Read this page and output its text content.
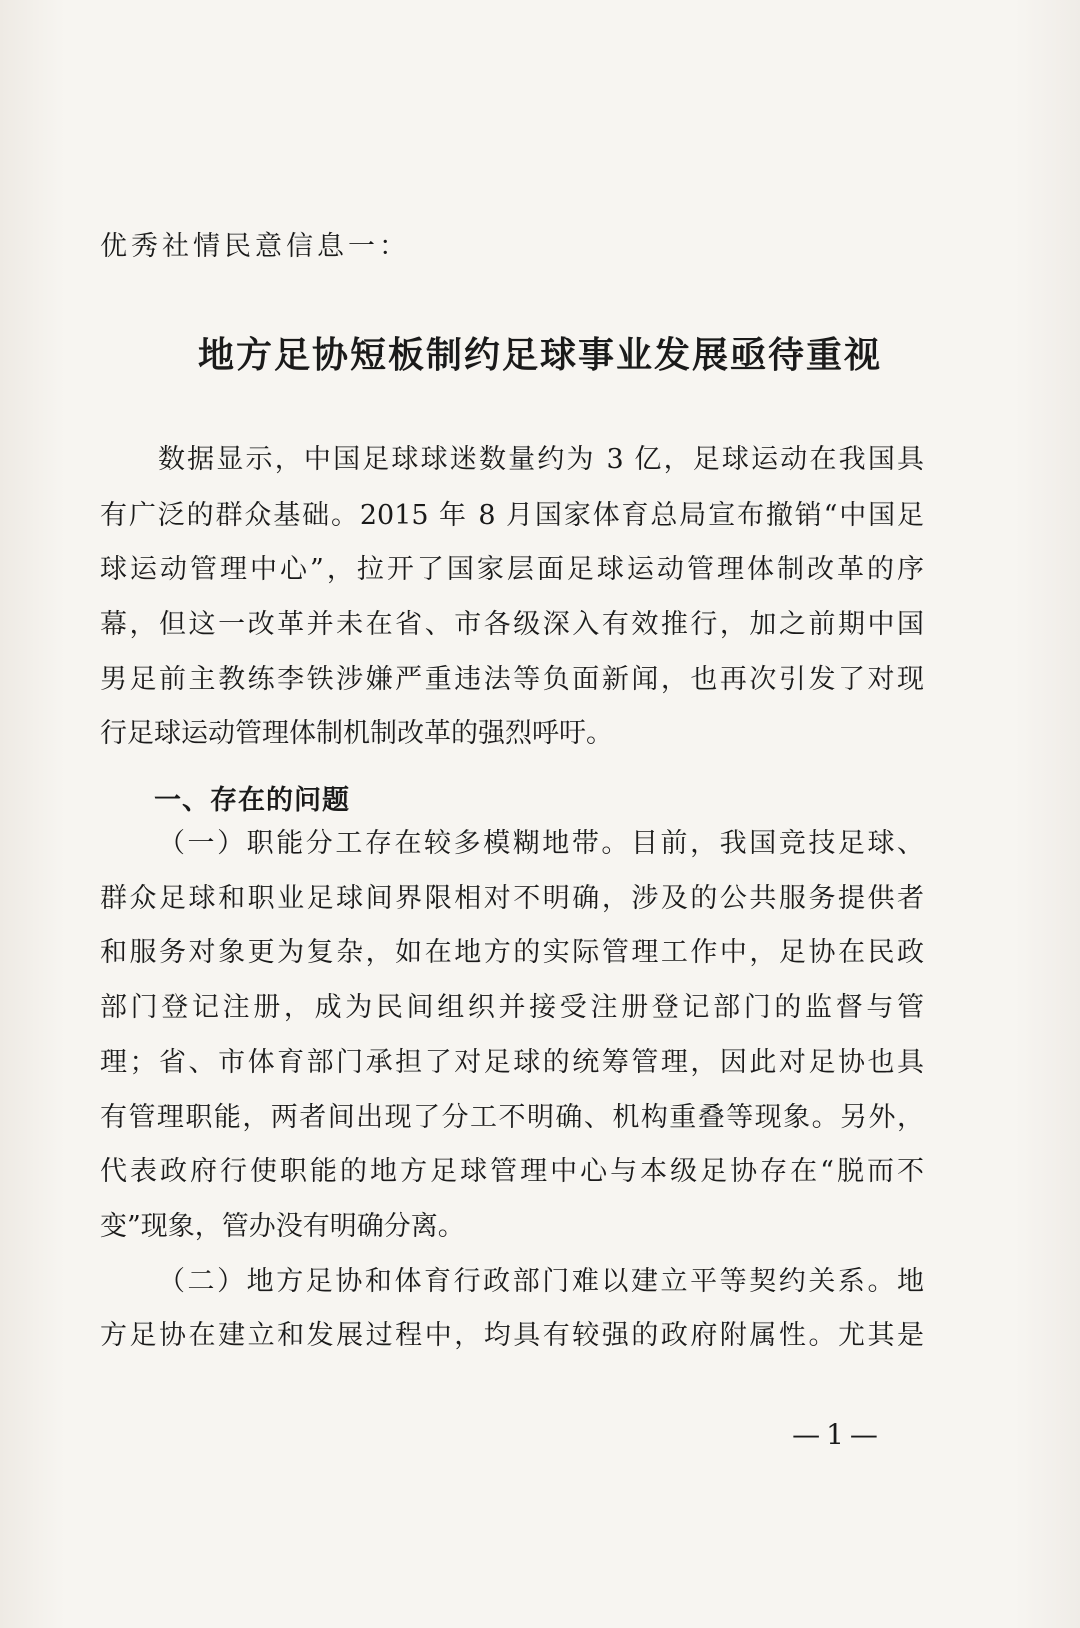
优秀社情民意信息一：
地方足协短板制约足球事业发展亟待重视
数据显示，中国足球球迷数量约为 3 亿，足球运动在我国具
有广泛的群众基础。2015 年 8 月国家体育总局宣布撤销“中国足
球运动管理中心”，拉开了国家层面足球运动管理体制改革的序
幕，但这一改革并未在省、市各级深入有效推行，加之前期中国
男足前主教练李铁涉嫌严重违法等负面新闻，也再次引发了对现
行足球运动管理体制机制改革的强烈呼吁。
一、存在的问题
（一）职能分工存在较多模糊地带。目前，我国竞技足球、
群众足球和职业足球间界限相对不明确，涉及的公共服务提供者
和服务对象更为复杂，如在地方的实际管理工作中，足协在民政
部门登记注册，成为民间组织并接受注册登记部门的监督与管
理；省、市体育部门承担了对足球的统筹管理，因此对足协也具
有管理职能，两者间出现了分工不明确、机构重叠等现象。另外，
代表政府行使职能的地方足球管理中心与本级足协存在“脱而不
变”现象，管办没有明确分离。
（二）地方足协和体育行政部门难以建立平等契约关系。地
方足协在建立和发展过程中，均具有较强的政府附属性。尤其是
—1—
